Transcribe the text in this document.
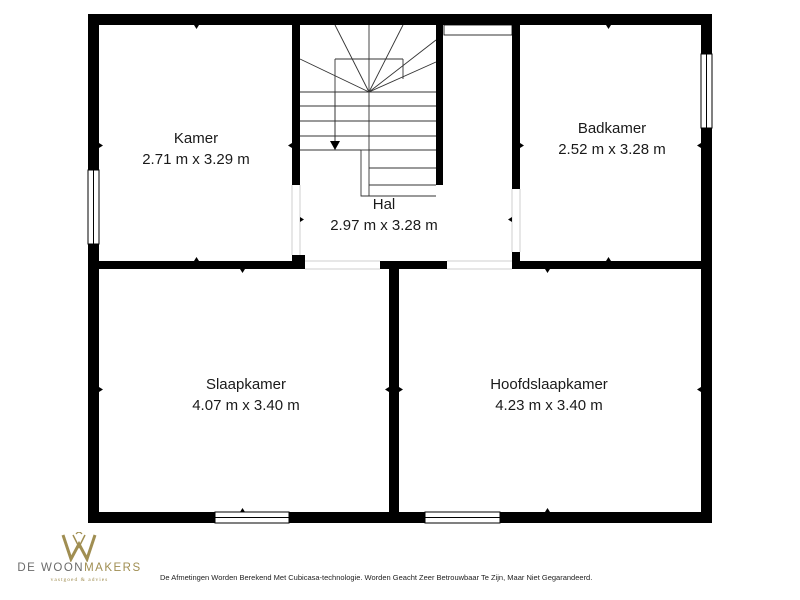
Kamer
2.71 m x 3.29 m
Hal
2.97 m x 3.28 m
Badkamer
2.52 m x 3.28 m
Slaapkamer
4.07 m x 3.40 m
Hoofdslaapkamer
4.23 m x 3.40 m
DE WOONMAKERS
vastgoed & advies	De Afmetingen Worden Berekend Met Cubicasa-technologie. Worden Geacht Zeer Betrouwbaar Te Zijn, Maar Niet Gegarandeerd.
